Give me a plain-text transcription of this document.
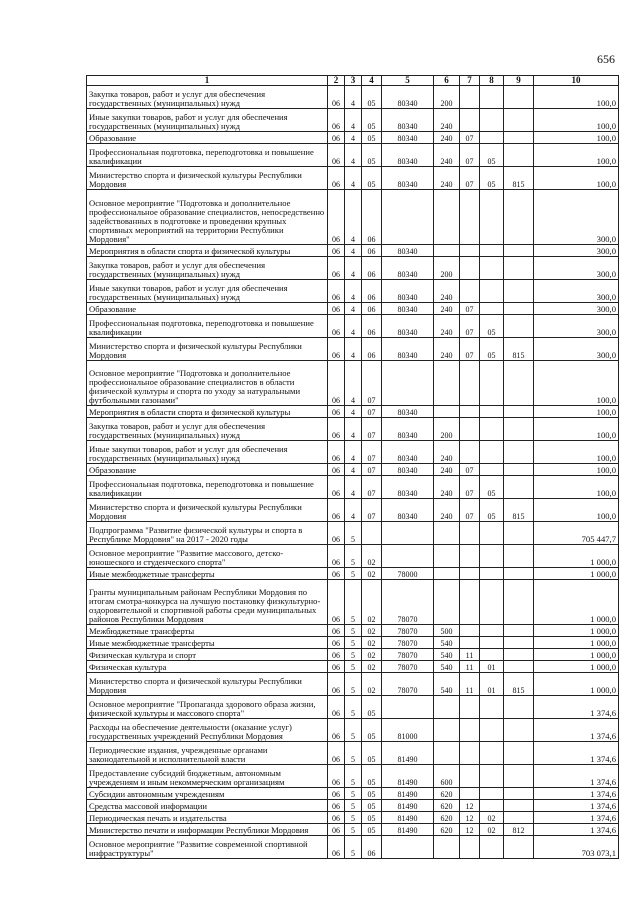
656
1	2	3	4	5	6	7	8	9	10
Закупка товаров, работ и услуг для обеспечения государственных (муниципальных) нужд	06	4	05	80340	200				100,0
Иные закупки товаров, работ и услуг для обеспечения государственных (муниципальных) нужд	06	4	05	80340	240				100,0
Образование	06	4	05	80340	240	07			100,0
Профессиональная подготовка, переподготовка и повышение квалификации	06	4	05	80340	240	07	05		100,0
Министерство спорта и физической культуры Республики Мордовия	06	4	05	80340	240	07	05	815	100,0
Основное мероприятие "Подготовка и дополнительное профессиональное образование специалистов, непосредственно задействованных в подготовке и проведении крупных спортивных мероприятий на территории Республики Мордовия"	06	4	06						300,0
Мероприятия в области спорта и физической культуры	06	4	06	80340					300,0
Закупка товаров, работ и услуг для обеспечения государственных (муниципальных) нужд	06	4	06	80340	200				300,0
Иные закупки товаров, работ и услуг для обеспечения государственных (муниципальных) нужд	06	4	06	80340	240				300,0
Образование	06	4	06	80340	240	07			300,0
Профессиональная подготовка, переподготовка и повышение квалификации	06	4	06	80340	240	07	05		300,0
Министерство спорта и физической культуры Республики Мордовия	06	4	06	80340	240	07	05	815	300,0
Основное мероприятие "Подготовка и дополнительное профессиональное образование специалистов в области физической культуры и спорта по уходу за натуральными футбольными газонами"	06	4	07						100,0
Мероприятия в области спорта и физической культуры	06	4	07	80340					100,0
Закупка товаров, работ и услуг для обеспечения государственных (муниципальных) нужд	06	4	07	80340	200				100,0
Иные закупки товаров, работ и услуг для обеспечения государственных (муниципальных) нужд	06	4	07	80340	240				100,0
Образование	06	4	07	80340	240	07			100,0
Профессиональная подготовка, переподготовка и повышение квалификации	06	4	07	80340	240	07	05		100,0
Министерство спорта и физической культуры Республики Мордовия	06	4	07	80340	240	07	05	815	100,0
Подпрограмма "Развитие физической культуры и спорта в Республике Мордовия" на 2017 - 2020 годы	06	5							705 447,7
Основное мероприятие "Развитие массового, детско-юношеского и студенческого спорта"	06	5	02						1 000,0
Иные межбюджетные трансферты	06	5	02	78000					1 000,0
Гранты муниципальным районам Республики Мордовия по итогам смотра-конкурса на лучшую постановку физкультурно-оздоровительной и спортивной работы среди муниципальных районов Республики Мордовия	06	5	02	78070					1 000,0
Межбюджетные трансферты	06	5	02	78070	500				1 000,0
Иные межбюджетные трансферты	06	5	02	78070	540				1 000,0
Физическая культура и спорт	06	5	02	78070	540	11			1 000,0
Физическая культура	06	5	02	78070	540	11	01		1 000,0
Министерство спорта и физической культуры Республики Мордовия	06	5	02	78070	540	11	01	815	1 000,0
Основное мероприятие "Пропаганда здорового образа жизни, физической культуры и массового спорта"	06	5	05						1 374,6
Расходы на обеспечение деятельности (оказание услуг) государственных учреждений Республики Мордовия	06	5	05	81000					1 374,6
Периодические издания, учрежденные органами законодательной и исполнительной власти	06	5	05	81490					1 374,6
Предоставление субсидий бюджетным, автономным учреждениям и иным некоммерческим организациям	06	5	05	81490	600				1 374,6
Субсидии автономным учреждениям	06	5	05	81490	620				1 374,6
Средства массовой информации	06	5	05	81490	620	12			1 374,6
Периодическая печать и издательства	06	5	05	81490	620	12	02		1 374,6
Министерство печати и информации Республики Мордовия	06	5	05	81490	620	12	02	812	1 374,6
Основное мероприятие "Развитие современной спортивной инфраструктуры"	06	5	06						703 073,1
